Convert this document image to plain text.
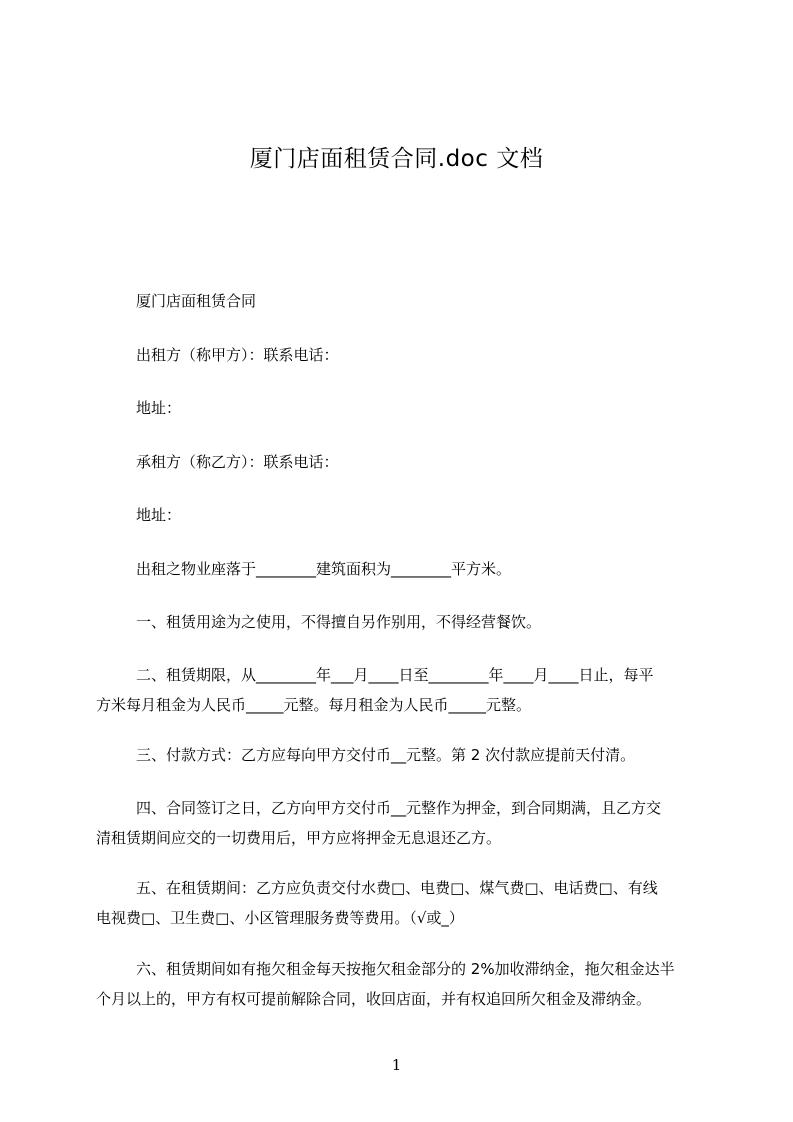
厦门店面租赁合同.doc 文档
厦门店面租赁合同
出租方（称甲方）：联系电话：
地址：
承租方（称乙方）：联系电话：
地址：
出租之物业座落于________建筑面积为________平方米。
一、租赁用途为之使用，不得擅自另作别用，不得经营餐饮。
二、租赁期限，从________年___月____日至________年____月____日止，每平
方米每月租金为人民币_____元整。每月租金为人民币_____元整。
三、付款方式：乙方应每向甲方交付币__元整。第 2 次付款应提前天付清。
四、合同签订之日，乙方向甲方交付币__元整作为押金，到合同期满，且乙方交
清租赁期间应交的一切费用后，甲方应将押金无息退还乙方。
五、在租赁期间：乙方应负责交付水费□、电费□、煤气费□、电话费□、有线
电视费□、卫生费□、小区管理服务费等费用。（√或_）
六、租赁期间如有拖欠租金每天按拖欠租金部分的 2%加收滞纳金，拖欠租金达半
个月以上的，甲方有权可提前解除合同，收回店面，并有权追回所欠租金及滞纳金。
1
